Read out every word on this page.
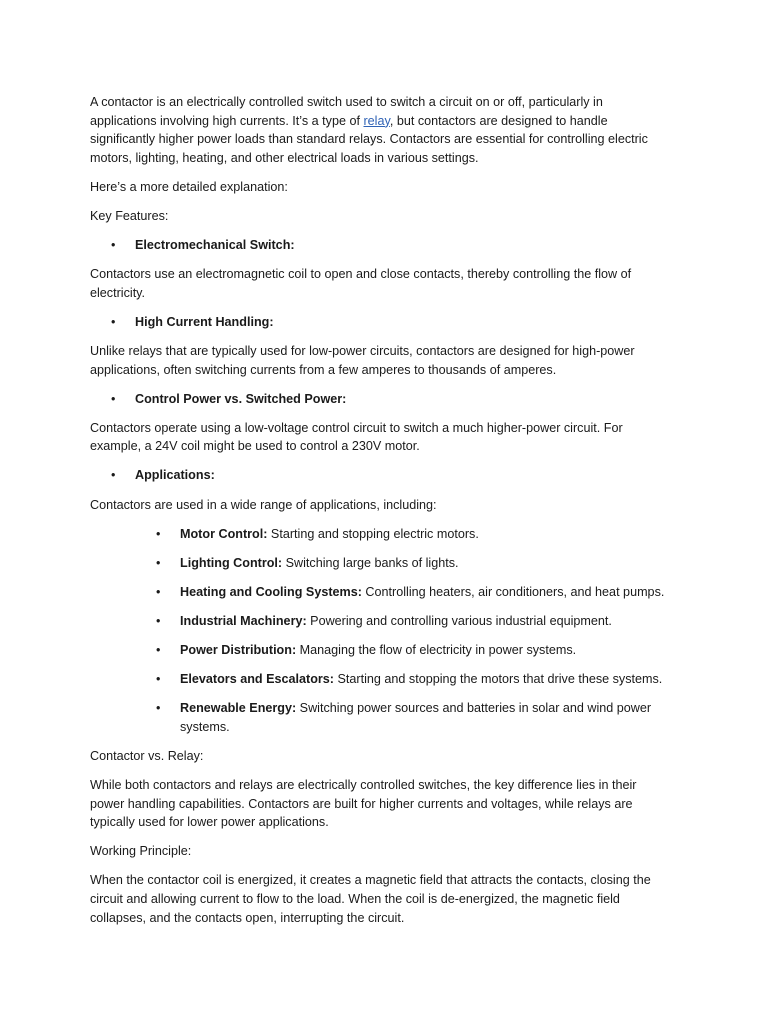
A contactor is an electrically controlled switch used to switch a circuit on or off, particularly in applications involving high currents. It’s a type of relay, but contactors are designed to handle significantly higher power loads than standard relays. Contactors are essential for controlling electric motors, lighting, heating, and other electrical loads in various settings.

Here’s a more detailed explanation:

Key Features:

• Electromechanical Switch:

Contactors use an electromagnetic coil to open and close contacts, thereby controlling the flow of electricity.

• High Current Handling:

Unlike relays that are typically used for low-power circuits, contactors are designed for high-power applications, often switching currents from a few amperes to thousands of amperes.

• Control Power vs. Switched Power:

Contactors operate using a low-voltage control circuit to switch a much higher-power circuit. For example, a 24V coil might be used to control a 230V motor.

• Applications:

Contactors are used in a wide range of applications, including:

• Motor Control: Starting and stopping electric motors.
• Lighting Control: Switching large banks of lights.
• Heating and Cooling Systems: Controlling heaters, air conditioners, and heat pumps.
• Industrial Machinery: Powering and controlling various industrial equipment.
• Power Distribution: Managing the flow of electricity in power systems.
• Elevators and Escalators: Starting and stopping the motors that drive these systems.
• Renewable Energy: Switching power sources and batteries in solar and wind power systems.

Contactor vs. Relay:

While both contactors and relays are electrically controlled switches, the key difference lies in their power handling capabilities. Contactors are built for higher currents and voltages, while relays are typically used for lower power applications.

Working Principle:

When the contactor coil is energized, it creates a magnetic field that attracts the contacts, closing the circuit and allowing current to flow to the load. When the coil is de-energized, the magnetic field collapses, and the contacts open, interrupting the circuit.
